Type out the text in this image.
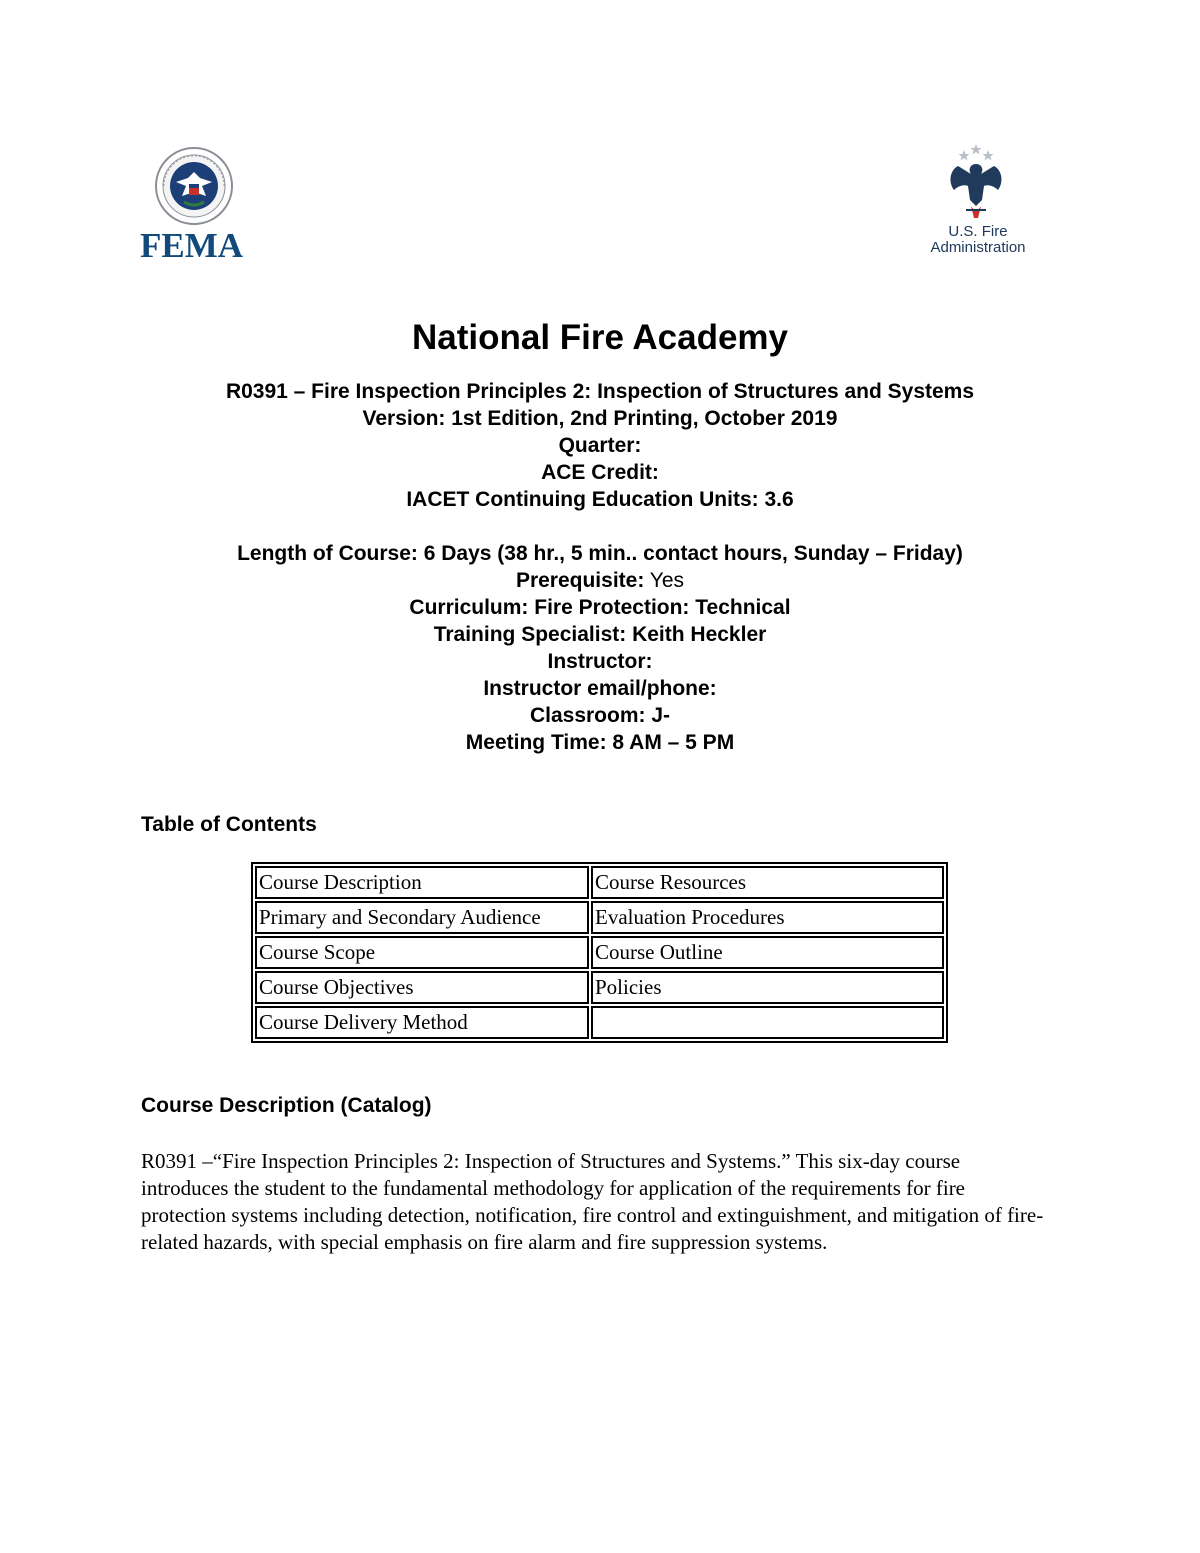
FEMA	U.S. Fire
Administration
National Fire Academy
R0391 – Fire Inspection Principles 2: Inspection of Structures and Systems
Version: 1st Edition, 2nd Printing, October 2019
Quarter:
ACE Credit:
IACET Continuing Education Units: 3.6
Length of Course: 6 Days (38 hr., 5 min.. contact hours, Sunday – Friday)
Prerequisite: Yes
Curriculum: Fire Protection: Technical
Training Specialist: Keith Heckler
Instructor:
Instructor email/phone:
Classroom: J-
Meeting Time: 8 AM – 5 PM
Table of Contents
Course Description	Course Resources
Primary and Secondary Audience	Evaluation Procedures
Course Scope	Course Outline
Course Objectives	Policies
Course Delivery Method	
Course Description (Catalog)

R0391 –“Fire Inspection Principles 2: Inspection of Structures and Systems.” This six-day course introduces the student to the fundamental methodology for application of the requirements for fire protection systems including detection, notification, fire control and extinguishment, and mitigation of fire-related hazards, with special emphasis on fire alarm and fire suppression systems.
